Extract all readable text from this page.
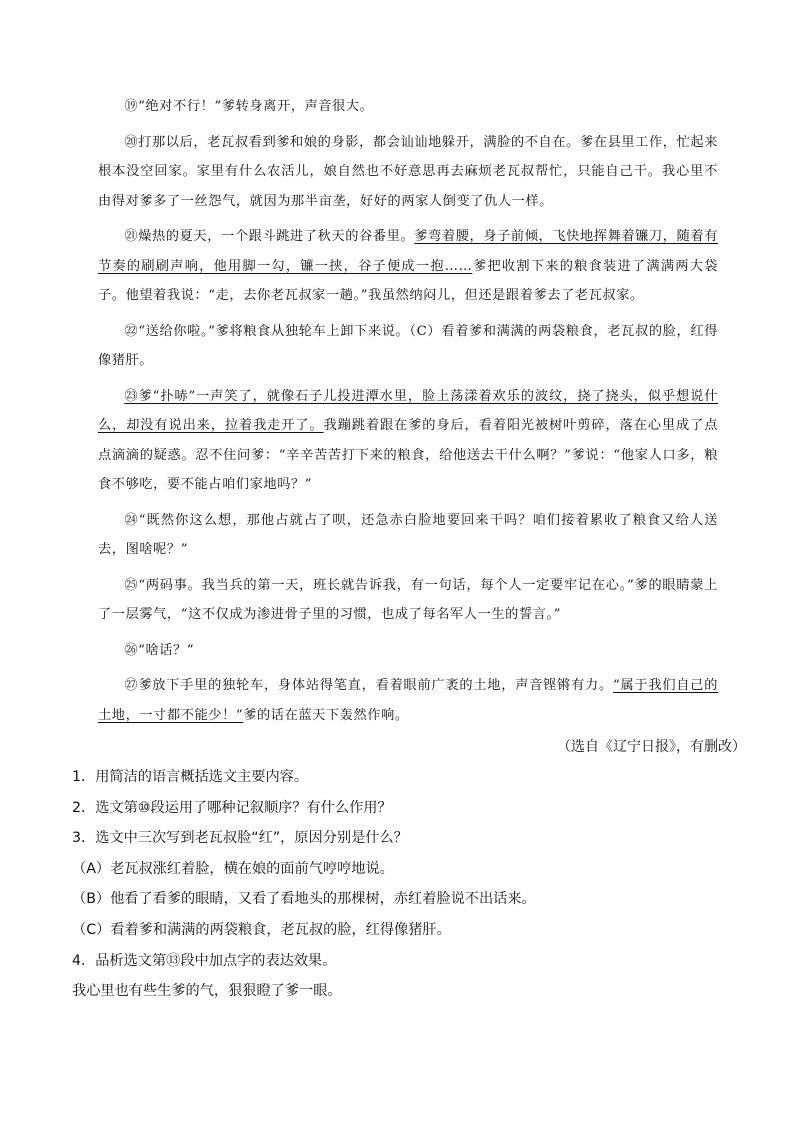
⑲“绝对不行！”爹转身离开，声音很大。

⑳打那以后，老瓦叔看到爹和娘的身影，都会讪讪地躲开，满脸的不自在。爹在县里工作，忙起来根本没空回家。家里有什么农活儿，娘自然也不好意思再去麻烦老瓦叔帮忙，只能自己干。我心里不由得对爹多了一丝怨气，就因为那半亩垄，好好的两家人倒变了仇人一样。

㉑燥热的夏天，一个跟斗跳进了秋天的谷番里。爹弯着腰，身子前倾，飞快地挥舞着镰刀，随着有节奏的刷刷声响，他用脚一勾，镰一挟，谷子便成一抱……爹把收割下来的粮食装进了满满两大袋子。他望着我说：“走，去你老瓦叔家一趟。”我虽然纳闷儿，但还是跟着爹去了老瓦叔家。

㉒“送给你啦。”爹将粮食从独轮车上卸下来说。（C）看着爹和满满的两袋粮食，老瓦叔的脸，红得像猪肝。

㉓爹“扑哧”一声笑了，就像石子儿投进潭水里，脸上荡漾着欢乐的波纹，挠了挠头，似乎想说什么，却没有说出来，拉着我走开了。我蹦跳着跟在爹的身后，看着阳光被树叶剪碎，落在心里成了点点滴滴的疑惑。忍不住问爹：“辛辛苦苦打下来的粮食，给他送去干什么啊？”爹说：“他家人口多，粮食不够吃，要不能占咱们家地吗？”

㉔“既然你这么想，那他占就占了呗，还急赤白脸地要回来干吗？咱们接着累收了粮食又给人送去，图啥呢？”

㉕“两码事。我当兵的第一天，班长就告诉我，有一句话，每个人一定要牢记在心。”爹的眼睛蒙上了一层雾气，“这不仅成为渗进骨子里的习惯，也成了每名军人一生的誓言。”

㉖“啥话？”

㉗爹放下手里的独轮车，身体站得笔直，看着眼前广袤的土地，声音铿锵有力。“属于我们自己的土地，一寸都不能少！”爹的话在蓝天下轰然作响。

（选自《辽宁日报》，有删改）
1．用简洁的语言概括选文主要内容。
2．选文第⑩段运用了哪种记叙顺序？有什么作用？
3．选文中三次写到老瓦叔脸“红”，原因分别是什么？
（A）老瓦叔涨红着脸，横在娘的面前气哼哼地说。
（B）他看了看爹的眼睛，又看了看地头的那棵树，赤红着脸说不出话来。
（C）看着爹和满满的两袋粮食，老瓦叔的脸，红得像猪肝。
4．品析选文第⑬段中加点字的表达效果。
我心里也有些生爹的气，狠狠瞪了爹一眼。
